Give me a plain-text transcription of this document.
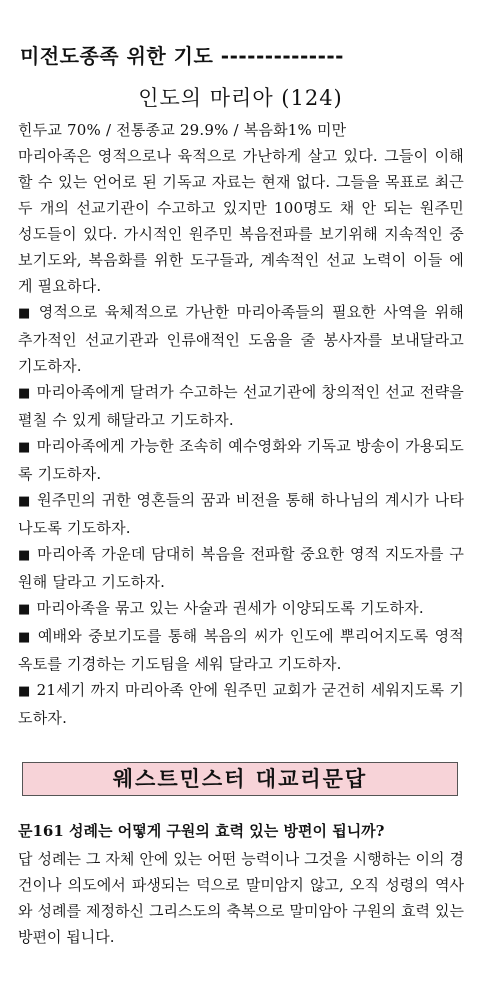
미전도종족 위한 기도 --------------
인도의 마리아 (124)

힌두교 70% / 전통종교 29.9% / 복음화1% 미만

마리아족은 영적으로나 육적으로 가난하게 살고 있다. 그들이 이해할 수 있는 언어로 된 기독교 자료는 현재 없다. 그들을 목표로 최근 두 개의 선교기관이 수고하고 있지만 100명도 채 안 되는 원주민 성도들이 있다. 가시적인 원주민 복음전파를 보기위해 지속적인 중보기도와, 복음화를 위한 도구들과, 계속적인 선교 노력이 이들 에게 필요하다.

■ 영적으로 육체적으로 가난한 마리아족들의 필요한 사역을 위해 추가적인 선교기관과 인류애적인 도움을 줄 봉사자를 보내달라고 기도하자.
■ 마리아족에게 달려가 수고하는 선교기관에 창의적인 선교 전략을 펼칠 수 있게 해달라고 기도하자.
■ 마리아족에게 가능한 조속히 예수영화와 기독교 방송이 가용되도록 기도하자.
■ 원주민의 귀한 영혼들의 꿈과 비전을 통해 하나님의 계시가 나타나도록 기도하자.
■ 마리아족 가운데 담대히 복음을 전파할 중요한 영적 지도자를 구원해 달라고 기도하자.
■ 마리아족을 묶고 있는 사술과 권세가 이양되도록 기도하자.
■ 예배와 중보기도를 통해 복음의 씨가 인도에 뿌리어지도록 영적옥토를 기경하는 기도팀을 세워 달라고 기도하자.
■ 21세기 까지 마리아족 안에 원주민 교회가 굳건히 세워지도록 기도하자.
웨스트민스터 대교리문답

문161 성례는 어떻게 구원의 효력 있는 방편이 됩니까?

답 성례는 그 자체 안에 있는 어떤 능력이나 그것을 시행하는 이의 경건이나 의도에서 파생되는 덕으로 말미암지 않고, 오직 성령의 역사와 성례를 제정하신 그리스도의 축복으로 말미암아 구원의 효력 있는 방편이 됩니다.
